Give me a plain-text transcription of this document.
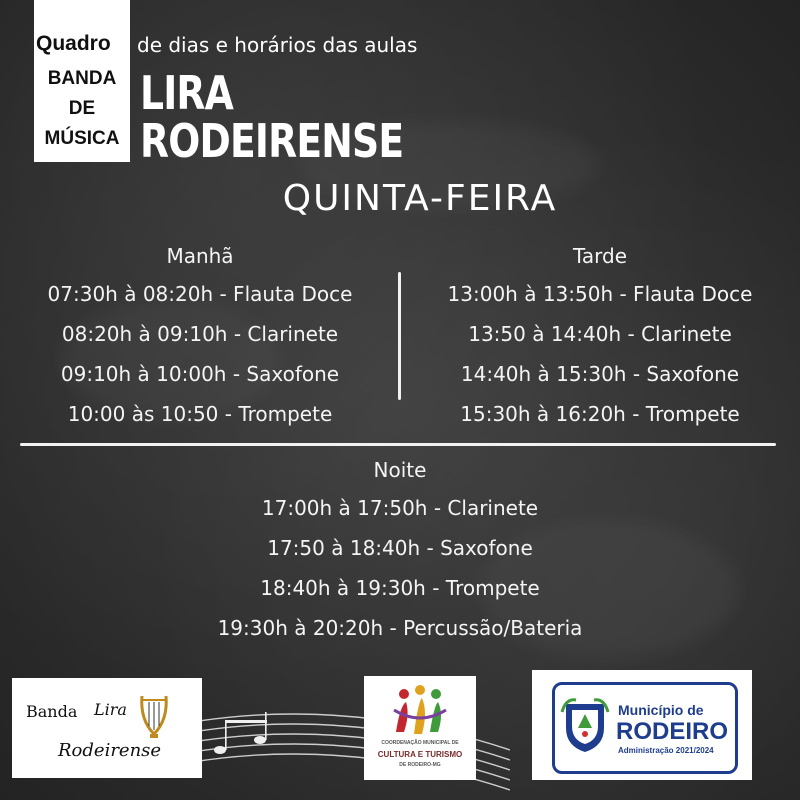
Quadro de dias e horários das aulas
BANDA
DE
MÚSICA
LIRA
RODEIRENSE
QUINTA-FEIRA
Manhã
07:30h à 08:20h - Flauta Doce
08:20h à 09:10h - Clarinete
09:10h à 10:00h - Saxofone
10:00 às 10:50 - Trompete
Tarde
13:00h à 13:50h - Flauta Doce
13:50 à 14:40h - Clarinete
14:40h à 15:30h - Saxofone
15:30h à 16:20h - Trompete
Noite
17:00h à 17:50h - Clarinete
17:50 à 18:40h - Saxofone
18:40h à 19:30h - Trompete
19:30h à 20:20h - Percussão/Bateria
Banda Lira
Rodeirense	COORDENAÇÃO MUNICIPAL DE
CULTURA E TURISMO
DE RODEIRO-MG
Município de
RODEIRO
Administração 2021/2024
